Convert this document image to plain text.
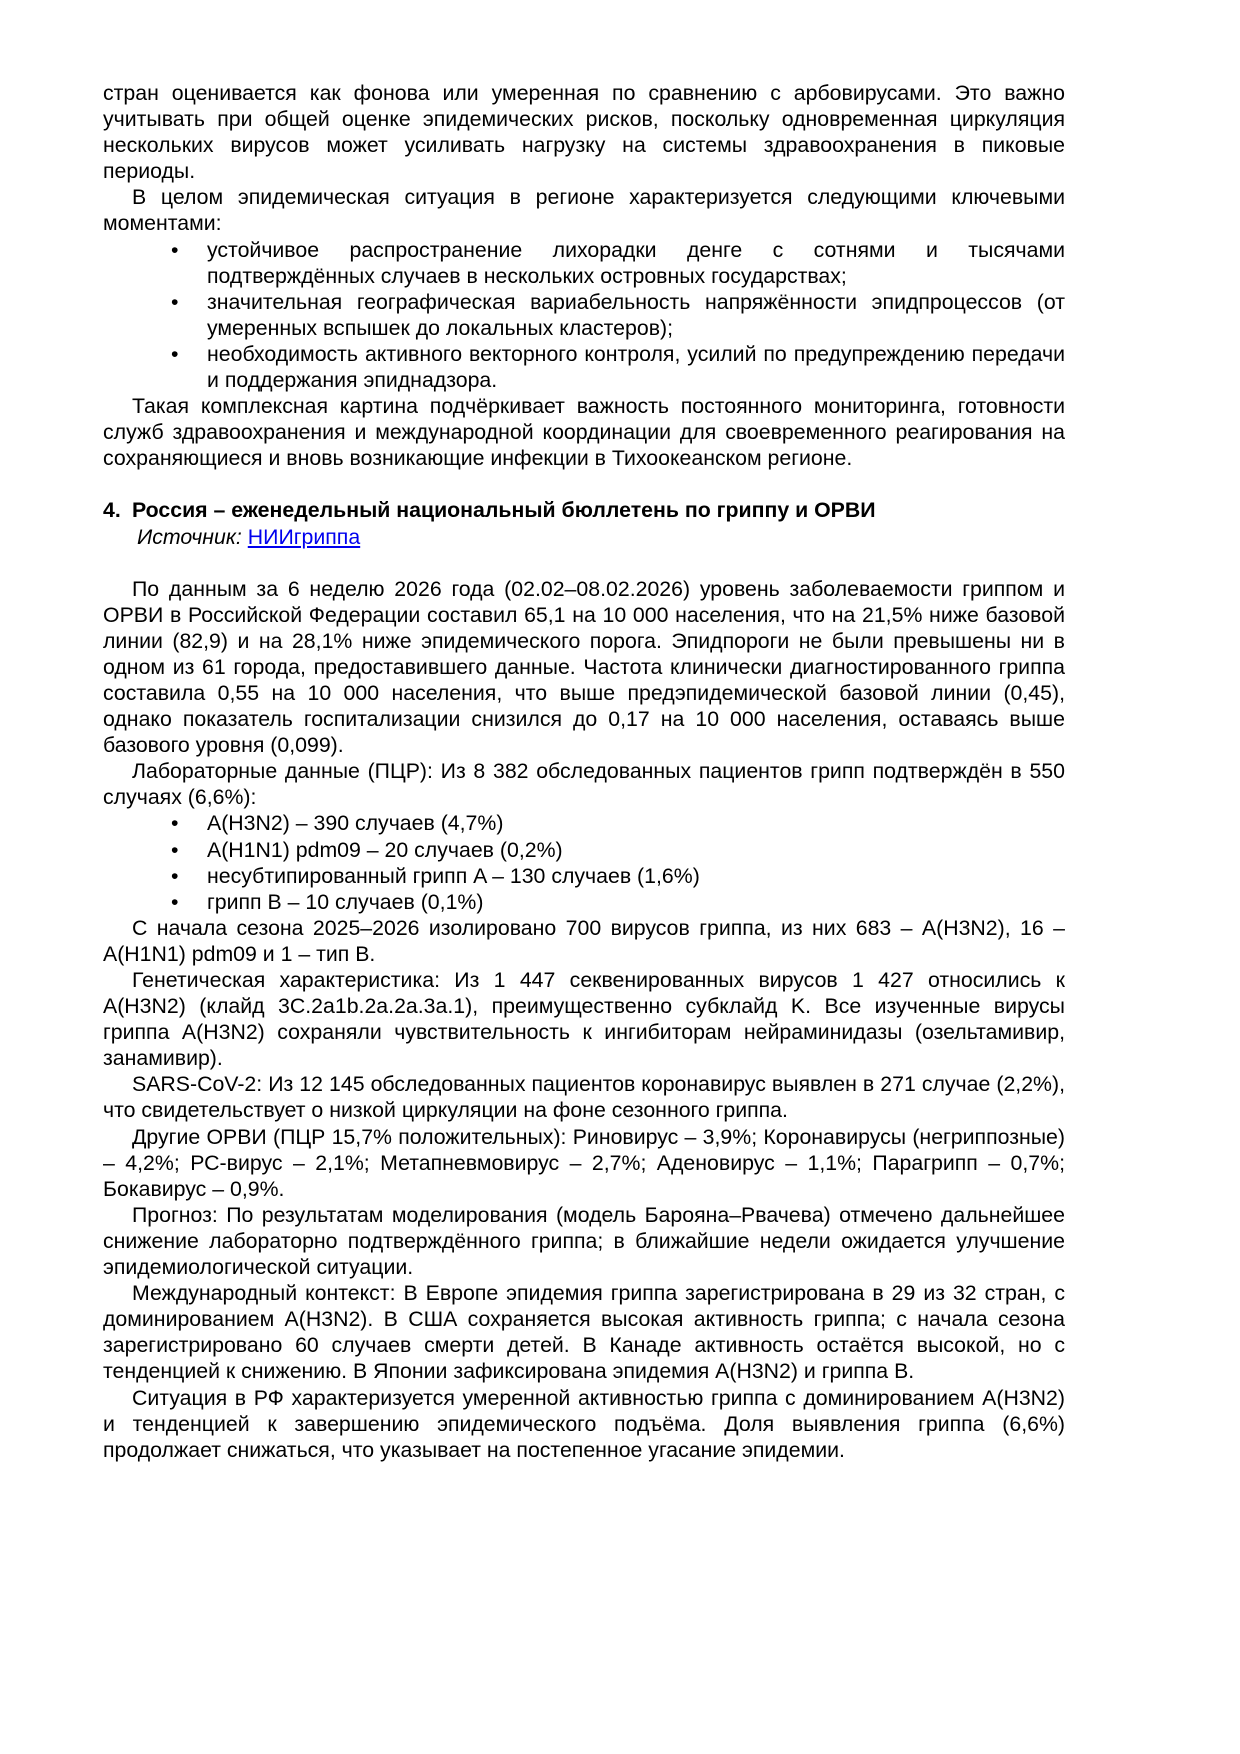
стран оценивается как фонова или умеренная по сравнению с арбовирусами. Это важно учитывать при общей оценке эпидемических рисков, поскольку одновременная циркуляция нескольких вирусов может усиливать нагрузку на системы здравоохранения в пиковые периоды.

В целом эпидемическая ситуация в регионе характеризуется следующими ключевыми моментами:

•	устойчивое распространение лихорадки денге с сотнями и тысячами подтверждённых случаев в нескольких островных государствах;
•	значительная географическая вариабельность напряжённости эпидпроцессов (от умеренных вспышек до локальных кластеров);
•	необходимость активного векторного контроля, усилий по предупреждению передачи и поддержания эпиднадзора.

Такая комплексная картина подчёркивает важность постоянного мониторинга, готовности служб здравоохранения и международной координации для своевременного реагирования на сохраняющиеся и вновь возникающие инфекции в Тихоокеанском регионе.

4. Россия – еженедельный национальный бюллетень по гриппу и ОРВИ
Источник: НИИгриппа

По данным за 6 неделю 2026 года (02.02–08.02.2026) уровень заболеваемости гриппом и ОРВИ в Российской Федерации составил 65,1 на 10 000 населения, что на 21,5% ниже базовой линии (82,9) и на 28,1% ниже эпидемического порога. Эпидпороги не были превышены ни в одном из 61 города, предоставившего данные. Частота клинически диагностированного гриппа составила 0,55 на 10 000 населения, что выше предэпидемической базовой линии (0,45), однако показатель госпитализации снизился до 0,17 на 10 000 населения, оставаясь выше базового уровня (0,099).

Лабораторные данные (ПЦР): Из 8 382 обследованных пациентов грипп подтверждён в 550 случаях (6,6%):

•	A(H3N2) – 390 случаев (4,7%)
•	A(H1N1) pdm09 – 20 случаев (0,2%)
•	несубтипированный грипп A – 130 случаев (1,6%)
•	грипп B – 10 случаев (0,1%)

С начала сезона 2025–2026 изолировано 700 вирусов гриппа, из них 683 – A(H3N2), 16 – A(H1N1) pdm09 и 1 – тип B.

Генетическая характеристика: Из 1 447 секвенированных вирусов 1 427 относились к A(H3N2) (клайд 3C.2a1b.2a.2a.3a.1), преимущественно субклайд K. Все изученные вирусы гриппа A(H3N2) сохраняли чувствительность к ингибиторам нейраминидазы (озельтамивир, занамивир).

SARS-CoV-2: Из 12 145 обследованных пациентов коронавирус выявлен в 271 случае (2,2%), что свидетельствует о низкой циркуляции на фоне сезонного гриппа.

Другие ОРВИ (ПЦР 15,7% положительных): Риновирус – 3,9%; Коронавирусы (негриппозные) – 4,2%; РС-вирус – 2,1%; Метапневмовирус – 2,7%; Аденовирус – 1,1%; Парагрипп – 0,7%; Бокавирус – 0,9%.

Прогноз: По результатам моделирования (модель Барояна–Рвачева) отмечено дальнейшее снижение лабораторно подтверждённого гриппа; в ближайшие недели ожидается улучшение эпидемиологической ситуации.

Международный контекст: В Европе эпидемия гриппа зарегистрирована в 29 из 32 стран, с доминированием A(H3N2). В США сохраняется высокая активность гриппа; с начала сезона зарегистрировано 60 случаев смерти детей. В Канаде активность остаётся высокой, но с тенденцией к снижению. В Японии зафиксирована эпидемия A(H3N2) и гриппа B.

Ситуация в РФ характеризуется умеренной активностью гриппа с доминированием A(H3N2) и тенденцией к завершению эпидемического подъёма. Доля выявления гриппа (6,6%) продолжает снижаться, что указывает на постепенное угасание эпидемии.
